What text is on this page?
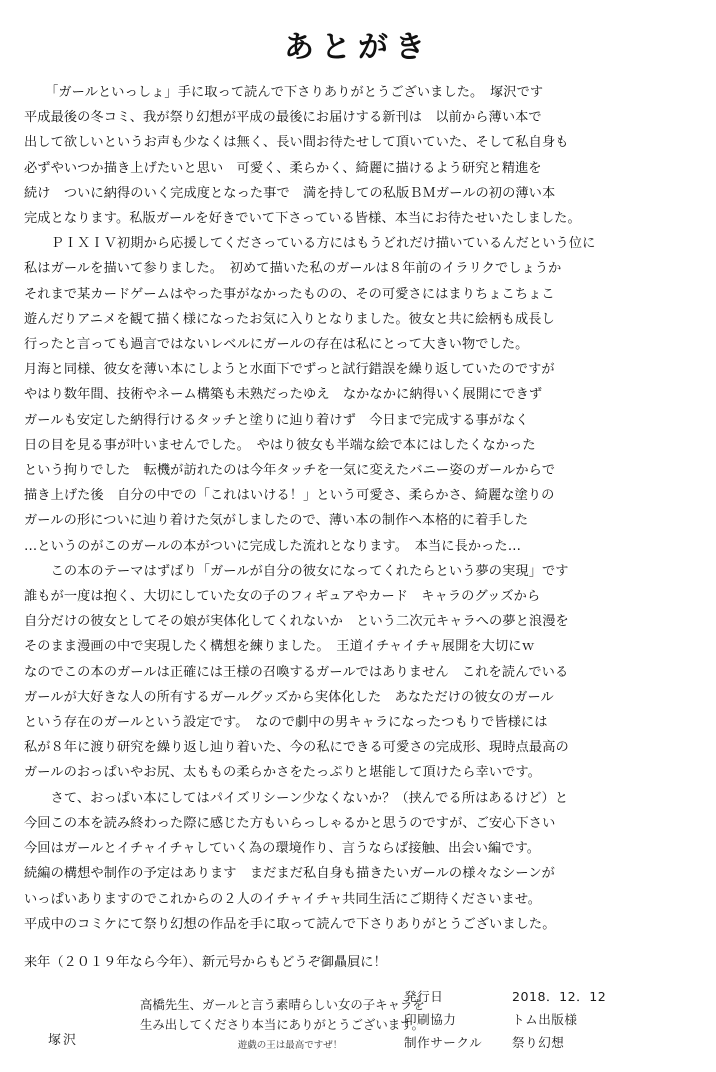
あとがき

「ガールといっしょ」手に取って読んで下さりありがとうございました。　塚沢です

平成最後の冬コミ、我が祭り幻想が平成の最後にお届けする新刊は　以前から薄い本で

出して欲しいというお声も少なくは無く、長い間お待たせして頂いていた、そして私自身も

必ずやいつか描き上げたいと思い　可愛く、柔らかく、綺麗に描けるよう研究と精進を

続け　ついに納得のいく完成度となった事で　満を持しての私版ＢＭガールの初の薄い本

完成となります。私版ガールを好きでいて下さっている皆様、本当にお待たせいたしました。

　　ＰＩＸＩＶ初期から応援してくださっている方にはもうどれだけ描いているんだという位に

私はガールを描いて参りました。　初めて描いた私のガールは８年前のイラリクでしょうか

それまで某カードゲームはやった事がなかったものの、その可愛さにはまりちょこちょこ

遊んだりアニメを観て描く様になったお気に入りとなりました。彼女と共に絵柄も成長し

行ったと言っても過言ではないレベルにガールの存在は私にとって大きい物でした。

月海と同様、彼女を薄い本にしようと水面下でずっと試行錯誤を繰り返していたのですが

やはり数年間、技術やネーム構築も未熟だったゆえ　なかなかに納得いく展開にできず

ガールも安定した納得行けるタッチと塗りに辿り着けず　今日まで完成する事がなく

日の目を見る事が叶いませんでした。　やはり彼女も半端な絵で本にはしたくなかった

という拘りでした　転機が訪れたのは今年タッチを一気に変えたバニー姿のガールからで

描き上げた後　自分の中での「これはいける！」という可愛さ、柔らかさ、綺麗な塗りの

ガールの形についに辿り着けた気がしましたので、薄い本の制作へ本格的に着手した

…というのがこのガールの本がついに完成した流れとなります。　本当に長かった…

　　この本のテーマはずばり「ガールが自分の彼女になってくれたらという夢の実現」です

誰もが一度は抱く、大切にしていた女の子のフィギュアやカード　キャラのグッズから

自分だけの彼女としてその娘が実体化してくれないか　という二次元キャラへの夢と浪漫を

そのまま漫画の中で実現したく構想を練りました。　王道イチャイチャ展開を大切にｗ

なのでこの本のガールは正確には王様の召喚するガールではありません　これを読んでいる

ガールが大好きな人の所有するガールグッズから実体化した　あなただけの彼女のガール

という存在のガールという設定です。　なので劇中の男キャラになったつもりで皆様には

私が８年に渡り研究を繰り返し辿り着いた、今の私にできる可愛さの完成形、現時点最高の

ガールのおっぱいやお尻、太ももの柔らかさをたっぷりと堪能して頂けたら幸いです。

　　さて、おっぱい本にしてはパイズリシーン少なくないか？（挟んでる所はあるけど）と

今回この本を読み終わった際に感じた方もいらっしゃるかと思うのですが、ご安心下さい

今回はガールとイチャイチャしていく為の環境作り、言うならば接触、出会い編です。

続編の構想や制作の予定はあります　まだまだ私自身も描きたいガールの様々なシーンが

いっぱいありますのでこれからの２人のイチャイチャ共同生活にご期待くださいませ。

平成中のコミケにて祭り幻想の作品を手に取って読んで下さりありがとうございました。

来年（２０１９年なら今年）、新元号からもどうぞ御贔屓に！

塚沢
高橋先生、ガールと言う素晴らしい女の子キャラを
生み出してくださり本当にありがとうございます。
遊戯の王は最高ですぜ！
発行日	2018．12．12
印刷協力	トム出版様
制作サークル	祭り幻想
